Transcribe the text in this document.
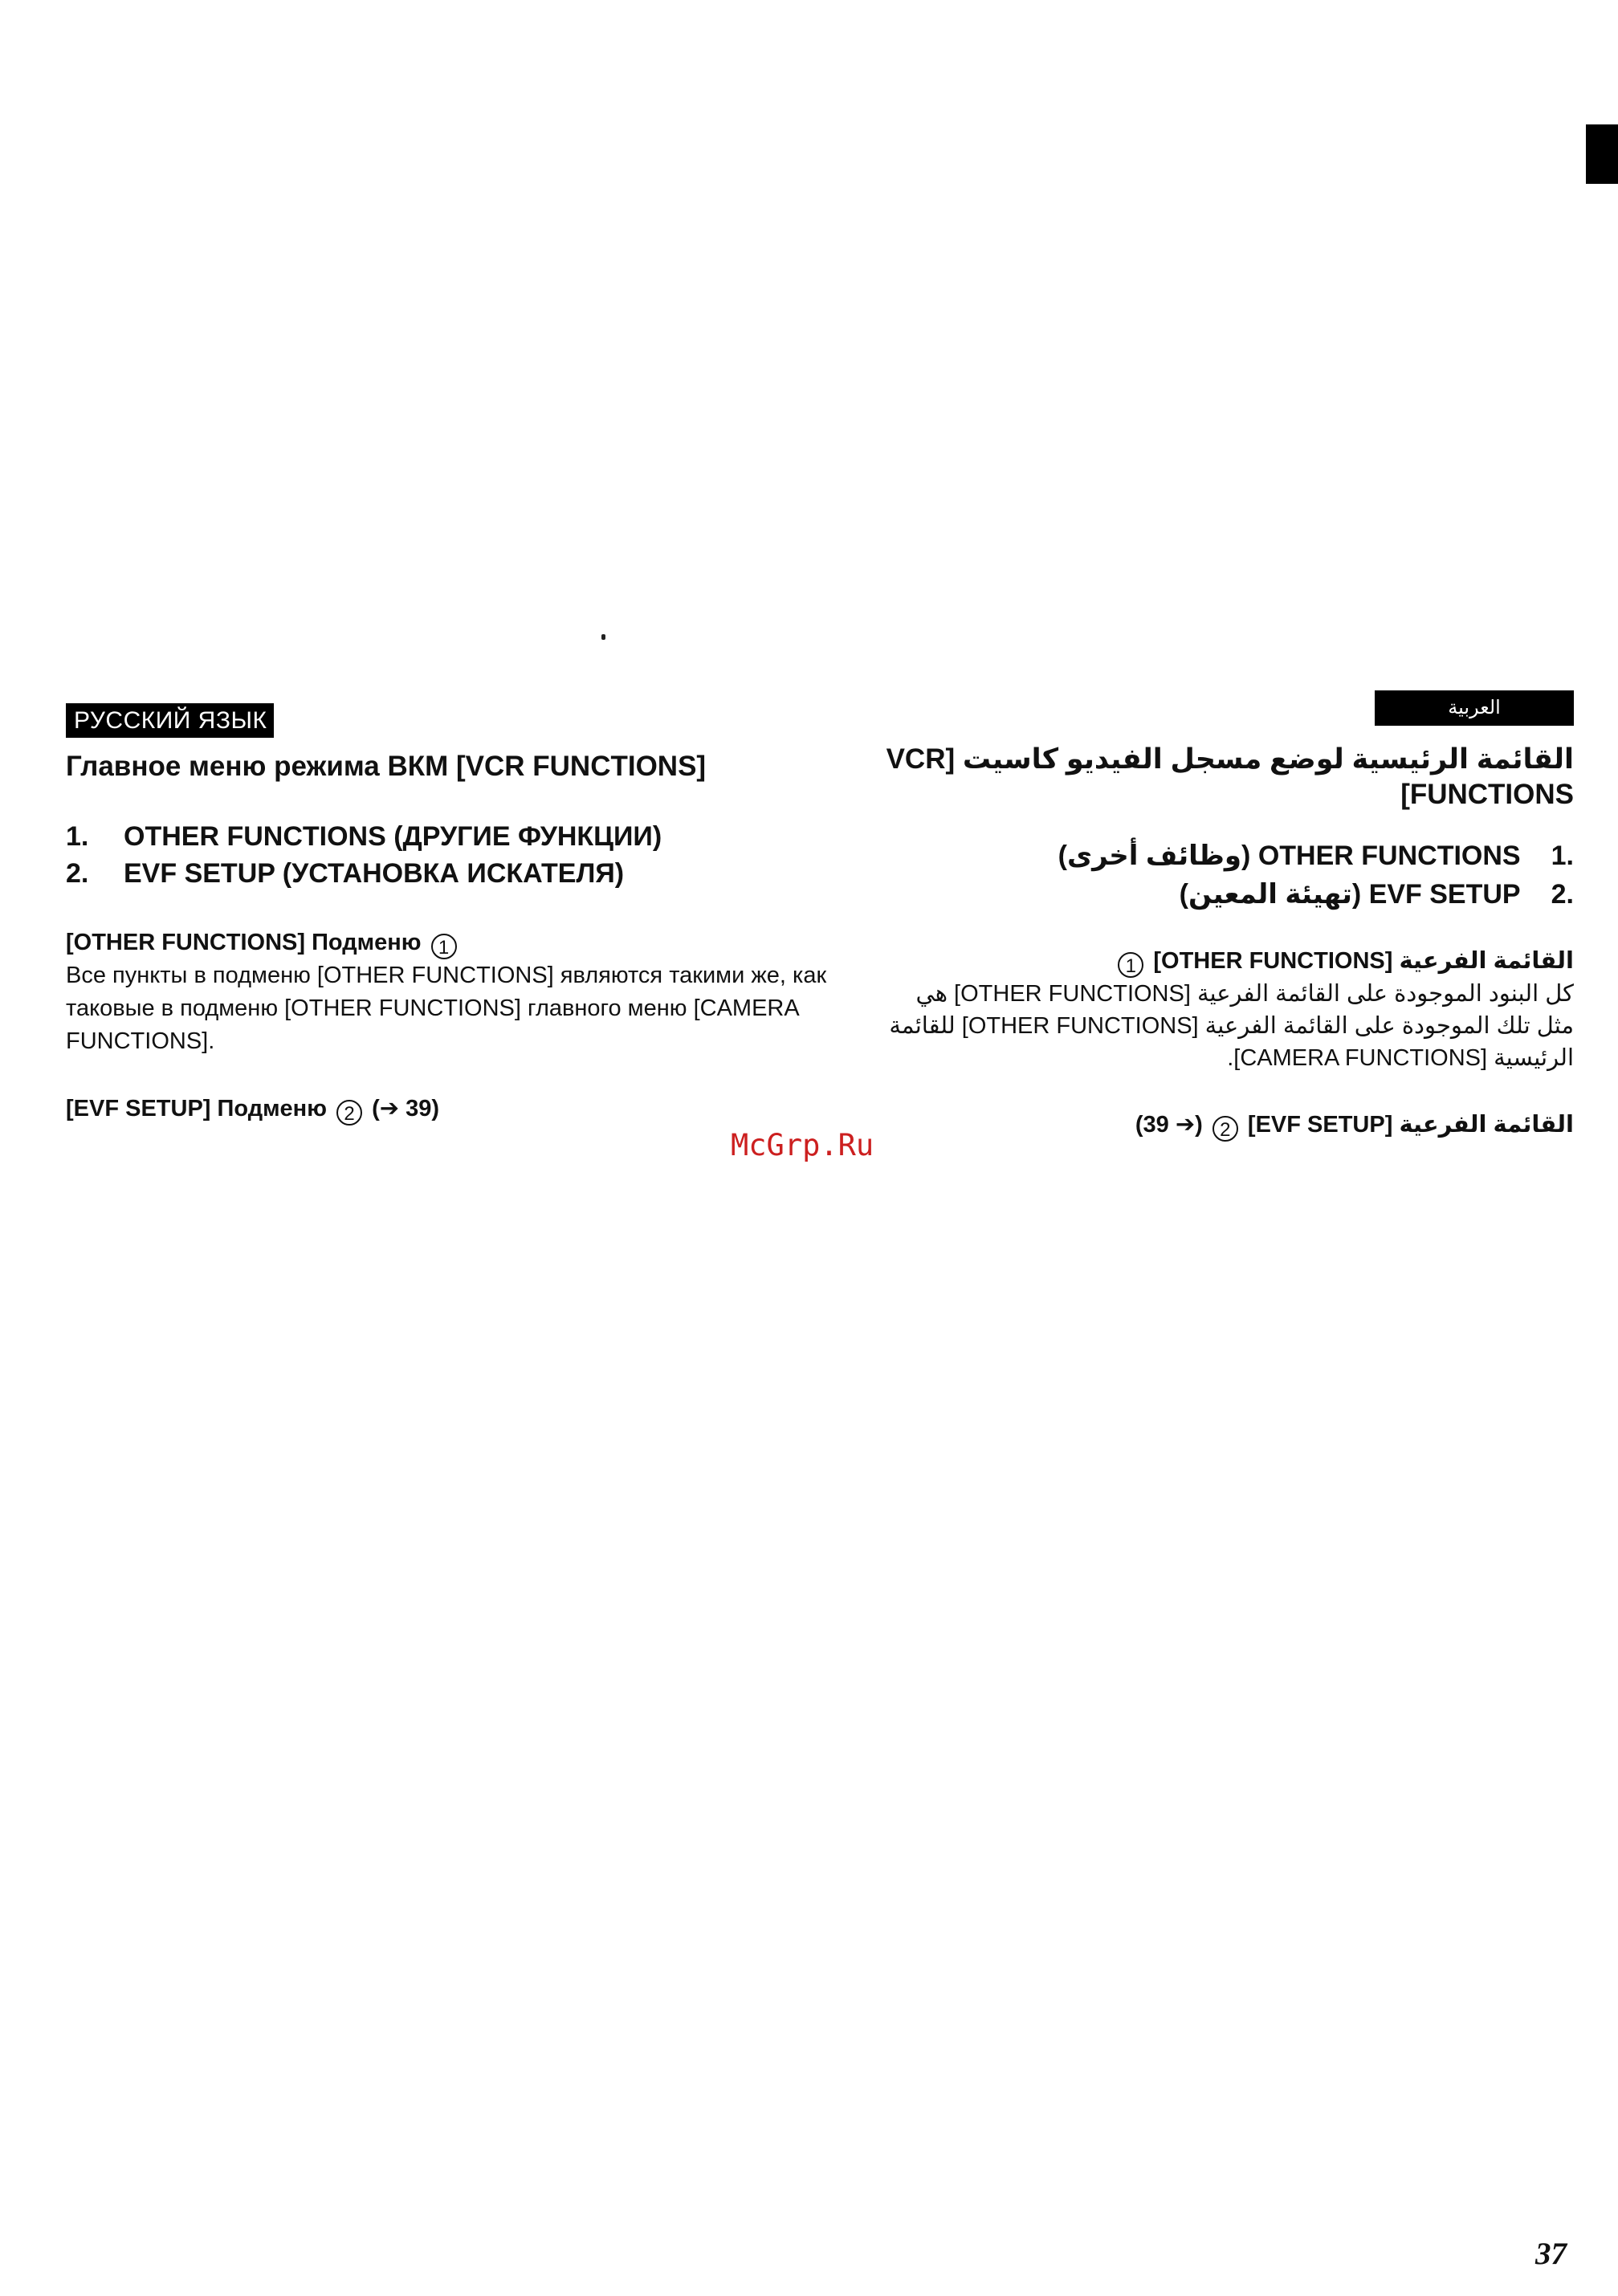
РУССКИЙ ЯЗЫК
Главное меню режима ВКМ [VCR FUNCTIONS]
1.	OTHER FUNCTIONS (ДРУГИЕ ФУНКЦИИ)
2.	EVF SETUP (УСТАНОВКА ИСКАТЕЛЯ)
[OTHER FUNCTIONS] Подменю 1

Все пункты в подменю [OTHER FUNCTIONS] являются такими же, как таковые в подменю [OTHER FUNCTIONS] главного меню [CAMERA FUNCTIONS].

[EVF SETUP] Подменю 2 (➔ 39)
العربية
القائمة الرئيسية لوضع مسجل الفيديو كاسيت [VCR FUNCTIONS]
.1
OTHER FUNCTIONS (وظائف أخرى)
.2
EVF SETUP (تهيئة المعين)
القائمة الفرعية [OTHER FUNCTIONS] 1

كل البنود الموجودة على القائمة الفرعية [OTHER FUNCTIONS] هي مثل تلك الموجودة على القائمة الفرعية [OTHER FUNCTIONS] للقائمة الرئيسية [CAMERA FUNCTIONS].

القائمة الفرعية [EVF SETUP] 2 (➔ 39)
McGrp.Ru
37
